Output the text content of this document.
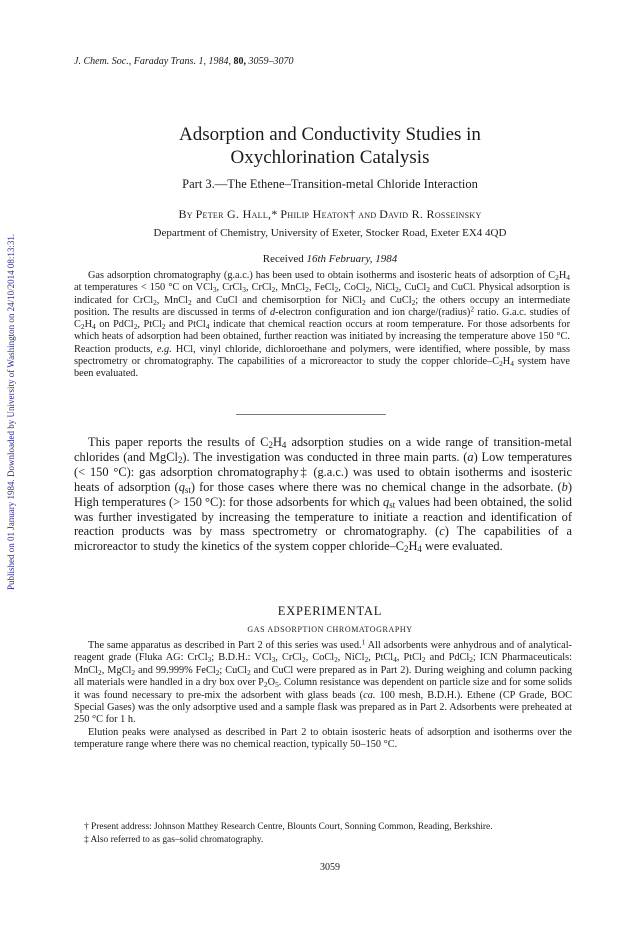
Published on 01 January 1984. Downloaded by University of Washington on 24/10/2014 08:13:31.
J. Chem. Soc., Faraday Trans. 1, 1984, 80, 3059–3070
Adsorption and Conductivity Studies in
Oxychlorination Catalysis
Part 3.—The Ethene–Transition-metal Chloride Interaction
By Peter G. Hall,* Philip Heaton† and David R. Rosseinsky
Department of Chemistry, University of Exeter, Stocker Road, Exeter EX4 4QD
Received 16th February, 1984

Gas adsorption chromatography (g.a.c.) has been used to obtain isotherms and isosteric heats of adsorption of $C_2H_4$ at temperatures < 150 °C on VCl$_3$, CrCl$_3$, CrCl$_2$, MnCl$_2$, FeCl$_2$, CoCl$_2$, NiCl$_2$, CuCl$_2$ and CuCl. Physical adsorption is indicated for CrCl$_2$, MnCl$_2$ and CuCl and chemisorption for NiCl$_2$ and CuCl$_2$; the others occupy an intermediate position. The results are discussed in terms of d-electron configuration and ion charge/(radius)$^2$ ratio. G.a.c. studies of $C_2H_4$ on PdCl$_2$, PtCl$_2$ and PtCl$_4$ indicate that chemical reaction occurs at room temperature. For those adsorbents for which heats of adsorption had been obtained, further reaction was initiated by increasing the temperature above 150 °C. Reaction products, e.g. HCl, vinyl chloride, dichloroethane and polymers, were identified, where possible, by mass spectrometry or chromatography. The capabilities of a microreactor to study the copper chloride–$C_2H_4$ system have been evaluated.

This paper reports the results of $C_2H_4$ adsorption studies on a wide range of transition-metal chlorides (and MgCl$_2$). The investigation was conducted in three main parts. (a) Low temperatures (< 150 °C): gas adsorption chromatography‡ (g.a.c.) was used to obtain isotherms and isosteric heats of adsorption $(q_{st})$ for those cases where there was no chemical change in the adsorbate. (b) High temperatures (> 150 °C): for those adsorbents for which $q_{st}$ values had been obtained, the solid was further investigated by increasing the temperature to initiate a reaction and identification of reaction products was by mass spectrometry or chromatography. (c) The capabilities of a microreactor to study the kinetics of the system copper chloride–$C_2H_4$ were evaluated.

EXPERIMENTAL
GAS ADSORPTION CHROMATOGRAPHY

The same apparatus as described in Part 2 of this series was used.$^1$ All adsorbents were anhydrous and of analytical-reagent grade (Fluka AG: CrCl$_3$; B.D.H.: VCl$_3$, CrCl$_2$, CoCl$_2$, NiCl$_2$, PtCl$_4$, PtCl$_2$ and PdCl$_2$; ICN Pharmaceuticals: MnCl$_2$, MgCl$_2$ and 99.999% FeCl$_2$; CuCl$_2$ and CuCl were prepared as in Part 2). During weighing and column packing all materials were handled in a dry box over $P_2O_5$. Column resistance was dependent on particle size and for some solids it was found necessary to pre-mix the adsorbent with glass beads (ca. 100 mesh, B.D.H.). Ethene (CP Grade, BOC Special Gases) was the only adsorptive used and a sample flask was prepared as in Part 2. Adsorbents were preheated at 250 °C for 1 h.

Elution peaks were analysed as described in Part 2 to obtain isosteric heats of adsorption and isotherms over the temperature range where there was no chemical reaction, typically 50–150 °C.

† Present address: Johnson Matthey Research Centre, Blounts Court, Sonning Common, Reading, Berkshire.

‡ Also referred to as gas–solid chromatography.

3059
